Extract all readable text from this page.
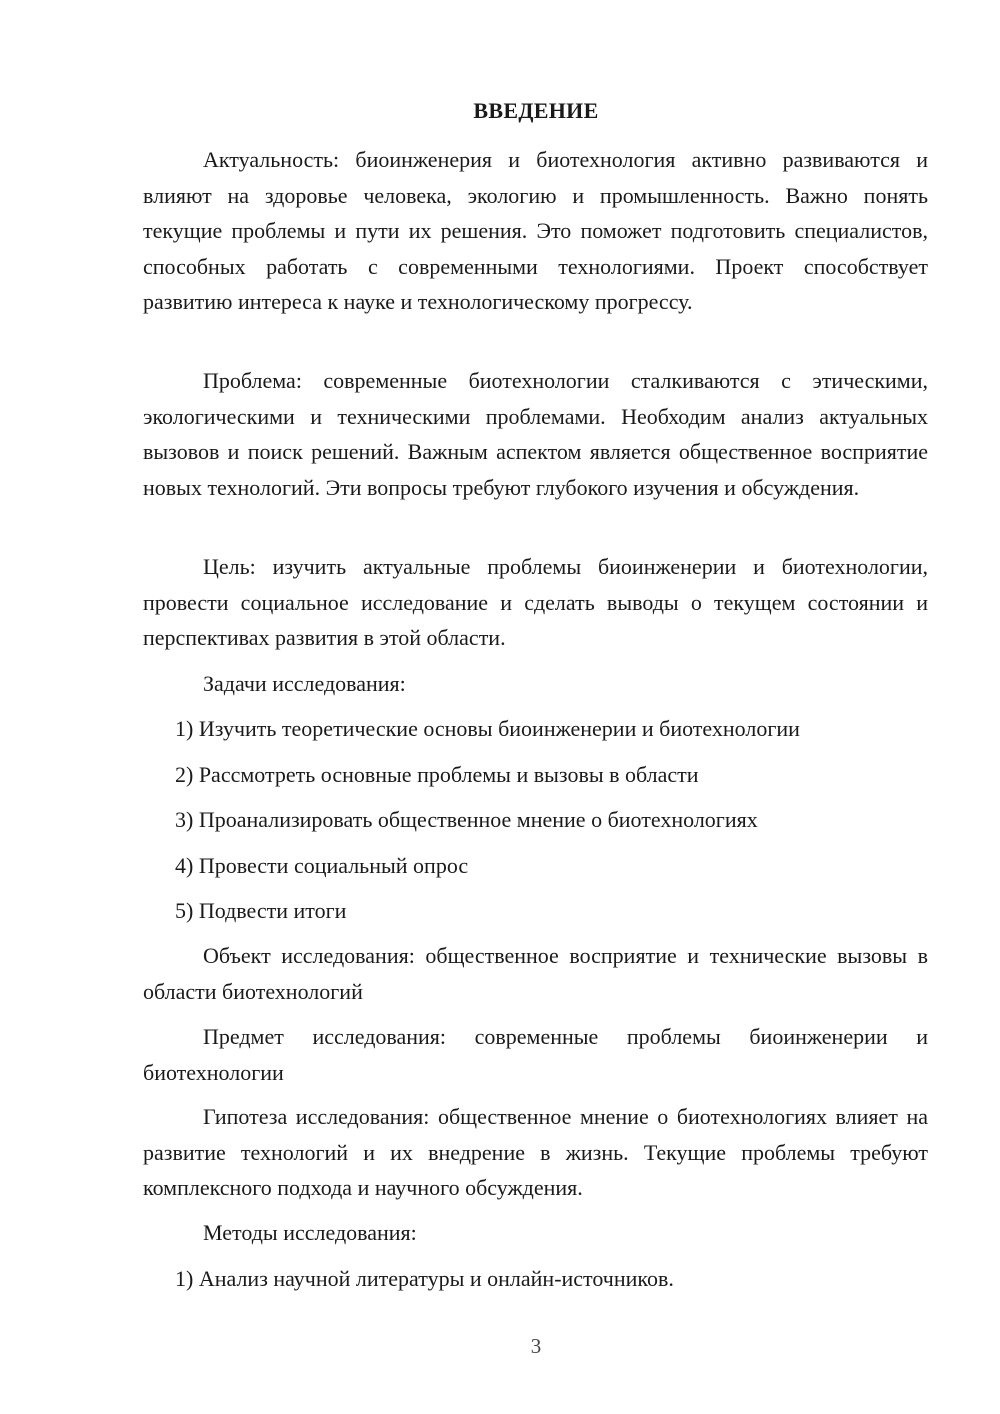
ВВЕДЕНИЕ

Актуальность: биоинженерия и биотехнология активно развиваются и влияют на здоровье человека, экологию и промышленность. Важно понять текущие проблемы и пути их решения. Это поможет подготовить специалистов, способных работать с современными технологиями. Проект способствует развитию интереса к науке и технологическому прогрессу.

Проблема: современные биотехнологии сталкиваются с этическими, экологическими и техническими проблемами. Необходим анализ актуальных вызовов и поиск решений. Важным аспектом является общественное восприятие новых технологий. Эти вопросы требуют глубокого изучения и обсуждения.

Цель: изучить актуальные проблемы биоинженерии и биотехнологии, провести социальное исследование и сделать выводы о текущем состоянии и перспективах развития в этой области.

Задачи исследования:

1) Изучить теоретические основы биоинженерии и биотехнологии

2) Рассмотреть основные проблемы и вызовы в области

3) Проанализировать общественное мнение о биотехнологиях

4) Провести социальный опрос

5) Подвести итоги

Объект исследования: общественное восприятие и технические вызовы в области биотехнологий

Предмет исследования: современные проблемы биоинженерии и биотехнологии

Гипотеза исследования: общественное мнение о биотехнологиях влияет на развитие технологий и их внедрение в жизнь. Текущие проблемы требуют комплексного подхода и научного обсуждения.

Методы исследования:

1) Анализ научной литературы и онлайн-источников.

3
